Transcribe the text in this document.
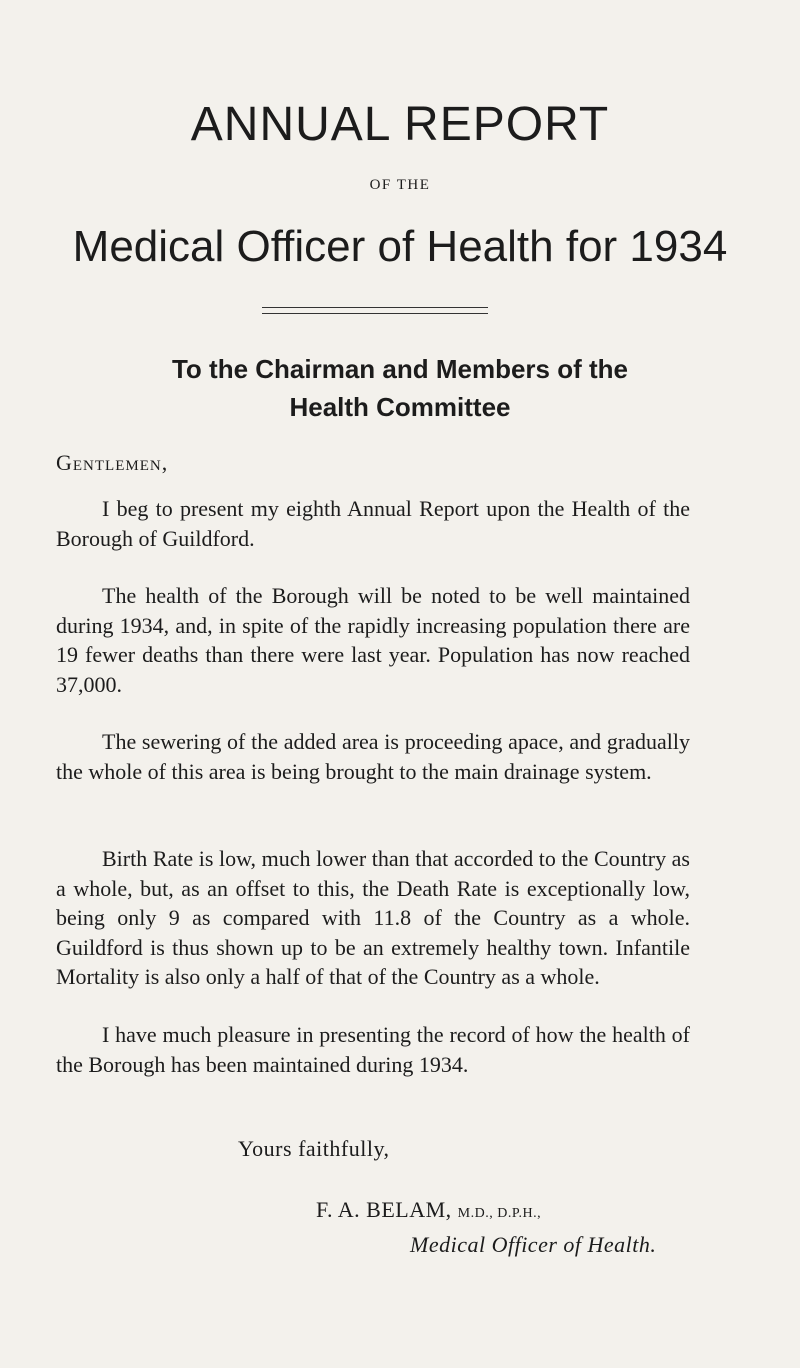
ANNUAL REPORT
OF THE
Medical Officer of Health for 1934
To the Chairman and Members of the
Health Committee
Gentlemen,
I beg to present my eighth Annual Report upon the Health of the Borough of Guildford.
The health of the Borough will be noted to be well maintained during 1934, and, in spite of the rapidly increasing population there are 19 fewer deaths than there were last year. Population has now reached 37,000.
The sewering of the added area is proceeding apace, and gradually the whole of this area is being brought to the main drainage system.
Birth Rate is low, much lower than that accorded to the Country as a whole, but, as an offset to this, the Death Rate is exceptionally low, being only 9 as compared with 11.8 of the Country as a whole. Guildford is thus shown up to be an extremely healthy town. Infantile Mortality is also only a half of that of the Country as a whole.
I have much pleasure in presenting the record of how the health of the Borough has been maintained during 1934.
Yours faithfully,
F. A. BELAM, M.D., D.P.H.,
Medical Officer of Health.
